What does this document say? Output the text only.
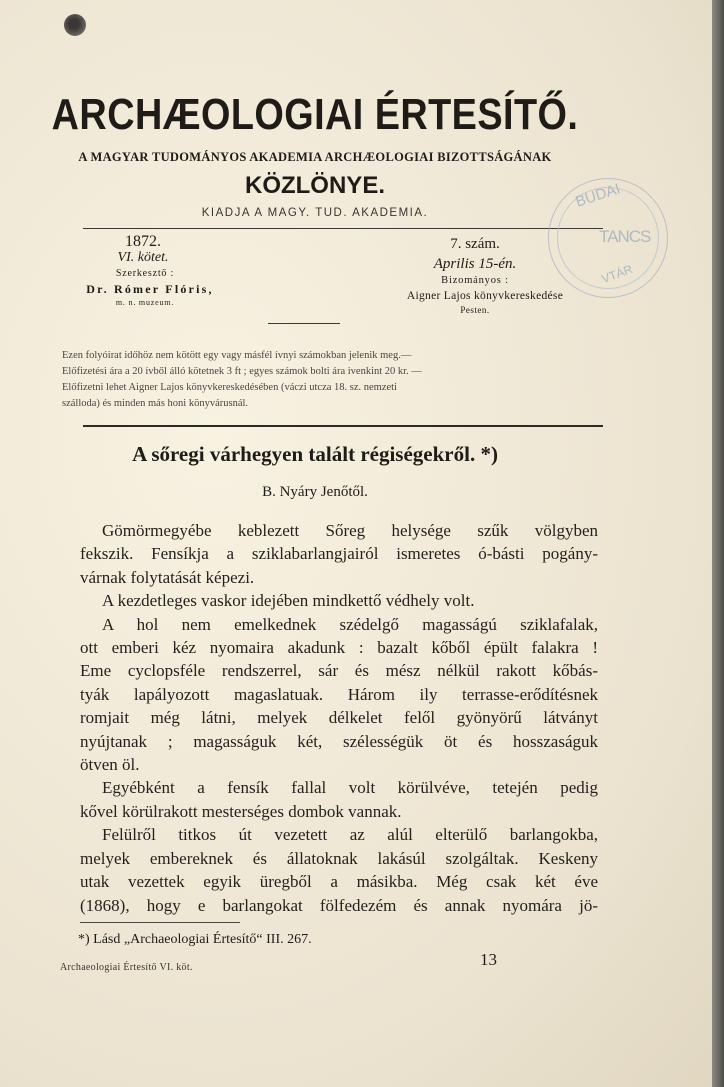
ARCHÆOLOGIAI ÉRTESÍTŐ.
A MAGYAR TUDOMÁNYOS AKADEMIA ARCHÆOLOGIAI BIZOTTSÁGÁNAK
KÖZLÖNYE.
KIADJA A MAGY. TUD. AKADEMIA.
1872.
VI. kötet.
Szerkesztő :
Dr. Rómer Flóris,
m. n. muzeum.
7. szám.
Aprilis 15-én.
Bizományos :
Aigner Lajos könyvkereskedése
Pesten.
Ezen folyóirat időhöz nem kötött egy vagy másfél ívnyi számokban jelenik meg.—
Előfizetési ára a 20 ívből álló kötetnek 3 ft ; egyes számok bolti ára ivenkint 20 kr. —
Előfizetni lehet Aigner Lajos könyvkereskedésében (váczi utcza 18. sz. nemzeti
szálloda) és minden más honi könyvárusnál.
A sőregi várhegyen talált régiségekről. *)
B. Nyáry Jenőtől.
Gömörmegyébe keblezett Sőreg helysége szűk völgyben
fekszik. Fensíkja a sziklabarlangjairól ismeretes ó-básti pogány-
várnak folytatását képezi.
A kezdetleges vaskor idejében mindkettő védhely volt.
A hol nem emelkednek szédelgő magasságú sziklafalak,
ott emberi kéz nyomaira akadunk : bazalt kőből épült falakra !
Eme cyclopsféle rendszerrel, sár és mész nélkül rakott kőbás-
tyák lapályozott magaslatuak. Három ily terrasse-erődítésnek
romjait még látni, melyek délkelet felől gyönyörű látványt
nyújtanak ; magasságuk két, szélességük öt és hosszaságuk
ötven öl.
Egyébként a fensík fallal volt körülvéve, tetején pedig
kővel körülrakott mesterséges dombok vannak.
Felülről titkos út vezetett az alúl elterülő barlangokba,
melyek embereknek és állatoknak lakásúl szolgáltak. Keskeny
utak vezettek egyik üregből a másikba. Még csak két éve
(1868), hogy e barlangokat fölfedezém és annak nyomára jö-
*) Lásd „Archaeologiai Értesítő“ III. 267.
13
Archaeologiai Értesítő VI. köt.
BUDAI
TANCS
VTÁR
